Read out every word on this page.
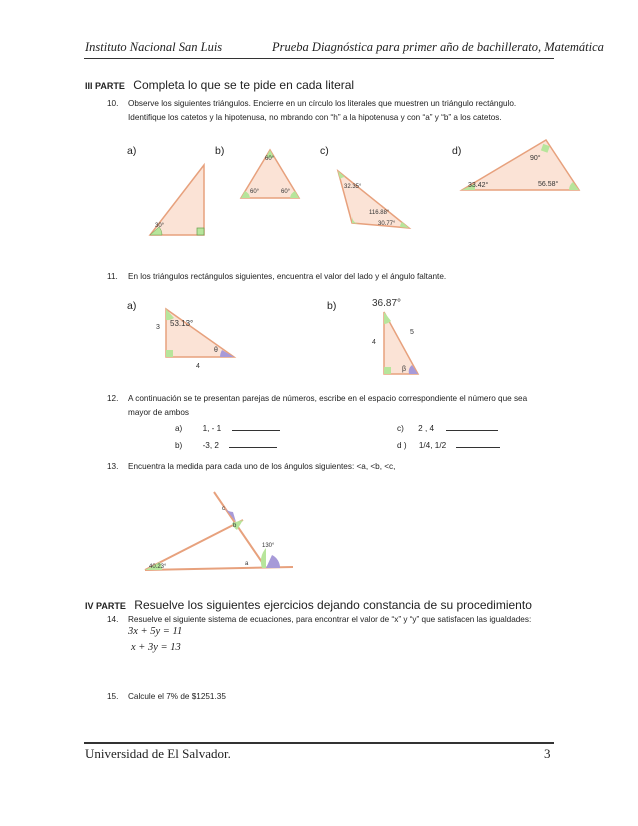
Instituto Nacional San Luis	Prueba Diagnóstica para primer año de bachillerato, Matemática
III PARTE Completa lo que se te pide en cada literal
10. Observe los siguientes triángulos. Encierre en un círculo los literales que muestren un triángulo rectángulo.
Identifique los catetos y la hipotenusa, no mbrando con “h” a la hipotenusa y con “a” y “b” a los catetos.
a)	b)	c)	d)
30°
60°
60°	60°
32.35°
116.88°
30.77°
90°
33.42°	56.58°
53.13°
3
4
θ
36.87°
5
4
β
40.23°
130°
a
b
c
11. En los triángulos rectángulos siguientes, encuentra el valor del lado y el ángulo faltante.
a)	b)
12. A continuación se te presentan parejas de números, escribe en el espacio correspondiente el número que sea
mayor de ambos
a) 1, - 1
b) -3, 2
c) 2 , 4
d ) 1/4, 1/2
13. Encuentra la medida para cada uno de los ángulos siguientes: <a, <b, <c,
IV PARTE Resuelve los siguientes ejercicios dejando constancia de su procedimiento
14. Resuelve el siguiente sistema de ecuaciones, para encontrar el valor de “x” y “y” que satisfacen las igualdades:
3x + 5y = 11
x + 3y = 13
15. Calcule el 7% de $1251.35
Universidad de El Salvador.	3
